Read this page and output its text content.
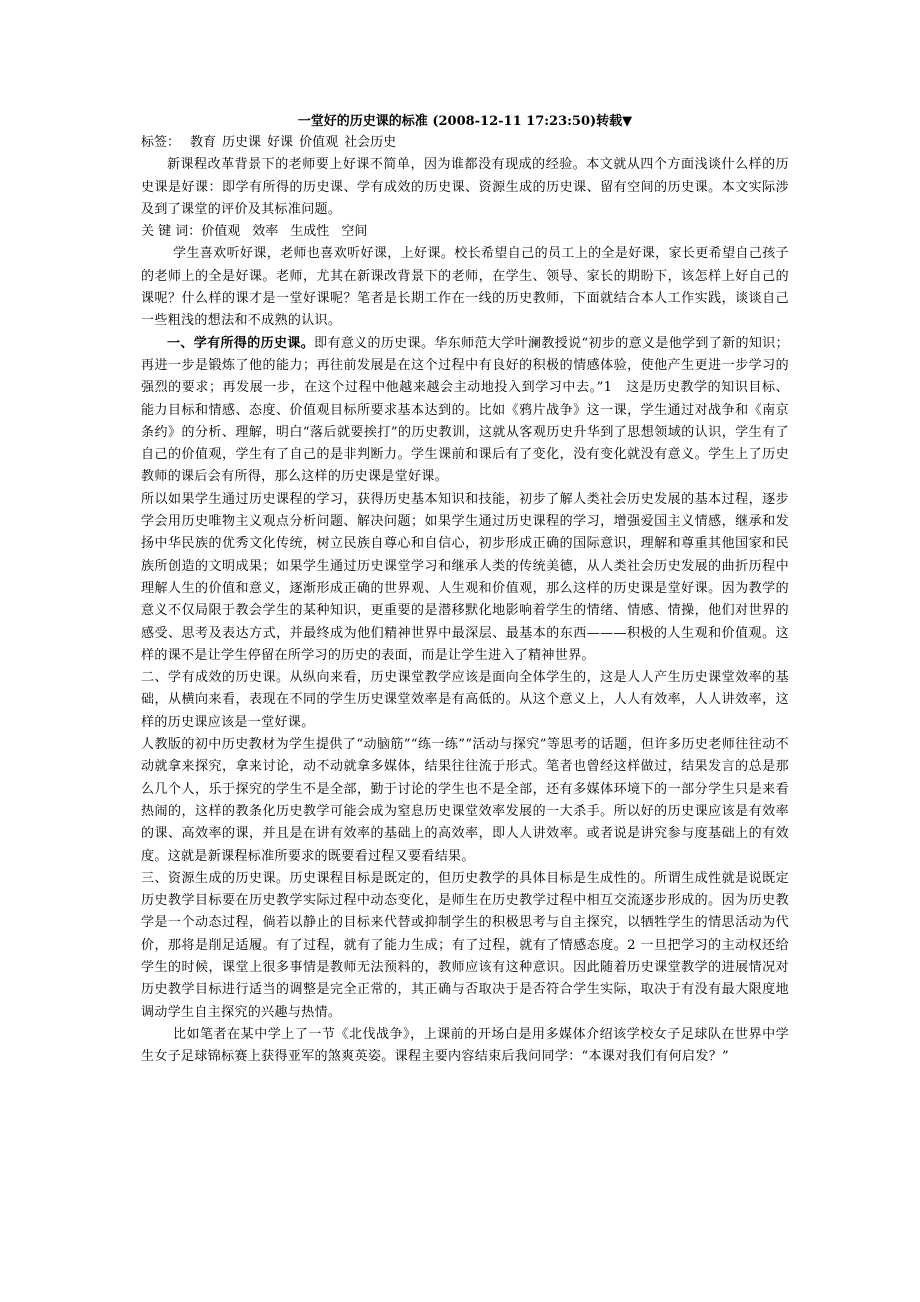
一堂好的历史课的标准 (2008-12-11 17:23:50)转载▼

标签： 教育 历史课 好课 价值观 社会历史

新课程改革背景下的老师要上好课不简单，因为谁都没有现成的经验。本文就从四个方面浅谈什么样的历史课是好课：即学有所得的历史课、学有成效的历史课、资源生成的历史课、留有空间的历史课。本文实际涉及到了课堂的评价及其标准问题。

关 键 词：价值观 效率 生成性 空间

学生喜欢听好课，老师也喜欢听好课，上好课。校长希望自己的员工上的全是好课，家长更希望自己孩子的老师上的全是好课。老师，尤其在新课改背景下的老师，在学生、领导、家长的期盼下，该怎样上好自己的课呢？什么样的课才是一堂好课呢？笔者是长期工作在一线的历史教师，下面就结合本人工作实践，谈谈自己一些粗浅的想法和不成熟的认识。

一、学有所得的历史课。即有意义的历史课。华东师范大学叶澜教授说“初步的意义是他学到了新的知识；再进一步是锻炼了他的能力；再往前发展是在这个过程中有良好的积极的情感体验，使他产生更进一步学习的强烈的要求；再发展一步，在这个过程中他越来越会主动地投入到学习中去。”1　这是历史教学的知识目标、能力目标和情感、态度、价值观目标所要求基本达到的。比如《鸦片战争》这一课，学生通过对战争和《南京条约》的分析、理解，明白“落后就要挨打”的历史教训，这就从客观历史升华到了思想领域的认识，学生有了自己的价值观，学生有了自己的是非判断力。学生课前和课后有了变化，没有变化就没有意义。学生上了历史教师的课后会有所得，那么这样的历史课是堂好课。

所以如果学生通过历史课程的学习，获得历史基本知识和技能，初步了解人类社会历史发展的基本过程，逐步学会用历史唯物主义观点分析问题、解决问题；如果学生通过历史课程的学习，增强爱国主义情感，继承和发扬中华民族的优秀文化传统，树立民族自尊心和自信心，初步形成正确的国际意识，理解和尊重其他国家和民族所创造的文明成果；如果学生通过历史课堂学习和继承人类的传统美德，从人类社会历史发展的曲折历程中理解人生的价值和意义，逐渐形成正确的世界观、人生观和价值观，那么这样的历史课是堂好课。因为教学的意义不仅局限于教会学生的某种知识，更重要的是潜移默化地影响着学生的情绪、情感、情操，他们对世界的感受、思考及表达方式，并最终成为他们精神世界中最深层、最基本的东西———积极的人生观和价值观。这样的课不是让学生停留在所学习的历史的表面，而是让学生进入了精神世界。

二、学有成效的历史课。从纵向来看，历史课堂教学应该是面向全体学生的，这是人人产生历史课堂效率的基础，从横向来看，表现在不同的学生历史课堂效率是有高低的。从这个意义上，人人有效率，人人讲效率，这样的历史课应该是一堂好课。

人教版的初中历史教材为学生提供了“动脑筋”“练一练”“活动与探究”等思考的话题，但许多历史老师往往动不动就拿来探究，拿来讨论，动不动就拿多媒体，结果往往流于形式。笔者也曾经这样做过，结果发言的总是那么几个人，乐于探究的学生不是全部，勤于讨论的学生也不是全部，还有多媒体环境下的一部分学生只是来看热闹的，这样的教条化历史教学可能会成为窒息历史课堂效率发展的一大杀手。所以好的历史课应该是有效率的课、高效率的课，并且是在讲有效率的基础上的高效率，即人人讲效率。或者说是讲究参与度基础上的有效度。这就是新课程标准所要求的既要看过程又要看结果。

三、资源生成的历史课。历史课程目标是既定的，但历史教学的具体目标是生成性的。所谓生成性就是说既定历史教学目标要在历史教学实际过程中动态变化，是师生在历史教学过程中相互交流逐步形成的。因为历史教学是一个动态过程，倘若以静止的目标来代替或抑制学生的积极思考与自主探究，以牺牲学生的情思活动为代价，那将是削足适履。有了过程，就有了能力生成；有了过程，就有了情感态度。2 一旦把学习的主动权还给学生的时候，课堂上很多事情是教师无法预料的，教师应该有这种意识。因此随着历史课堂教学的进展情况对历史教学目标进行适当的调整是完全正常的，其正确与否取决于是否符合学生实际，取决于有没有最大限度地调动学生自主探究的兴趣与热情。

比如笔者在某中学上了一节《北伐战争》，上课前的开场白是用多媒体介绍该学校女子足球队在世界中学生女子足球锦标赛上获得亚军的煞爽英姿。课程主要内容结束后我问同学：“本课对我们有何启发？”
